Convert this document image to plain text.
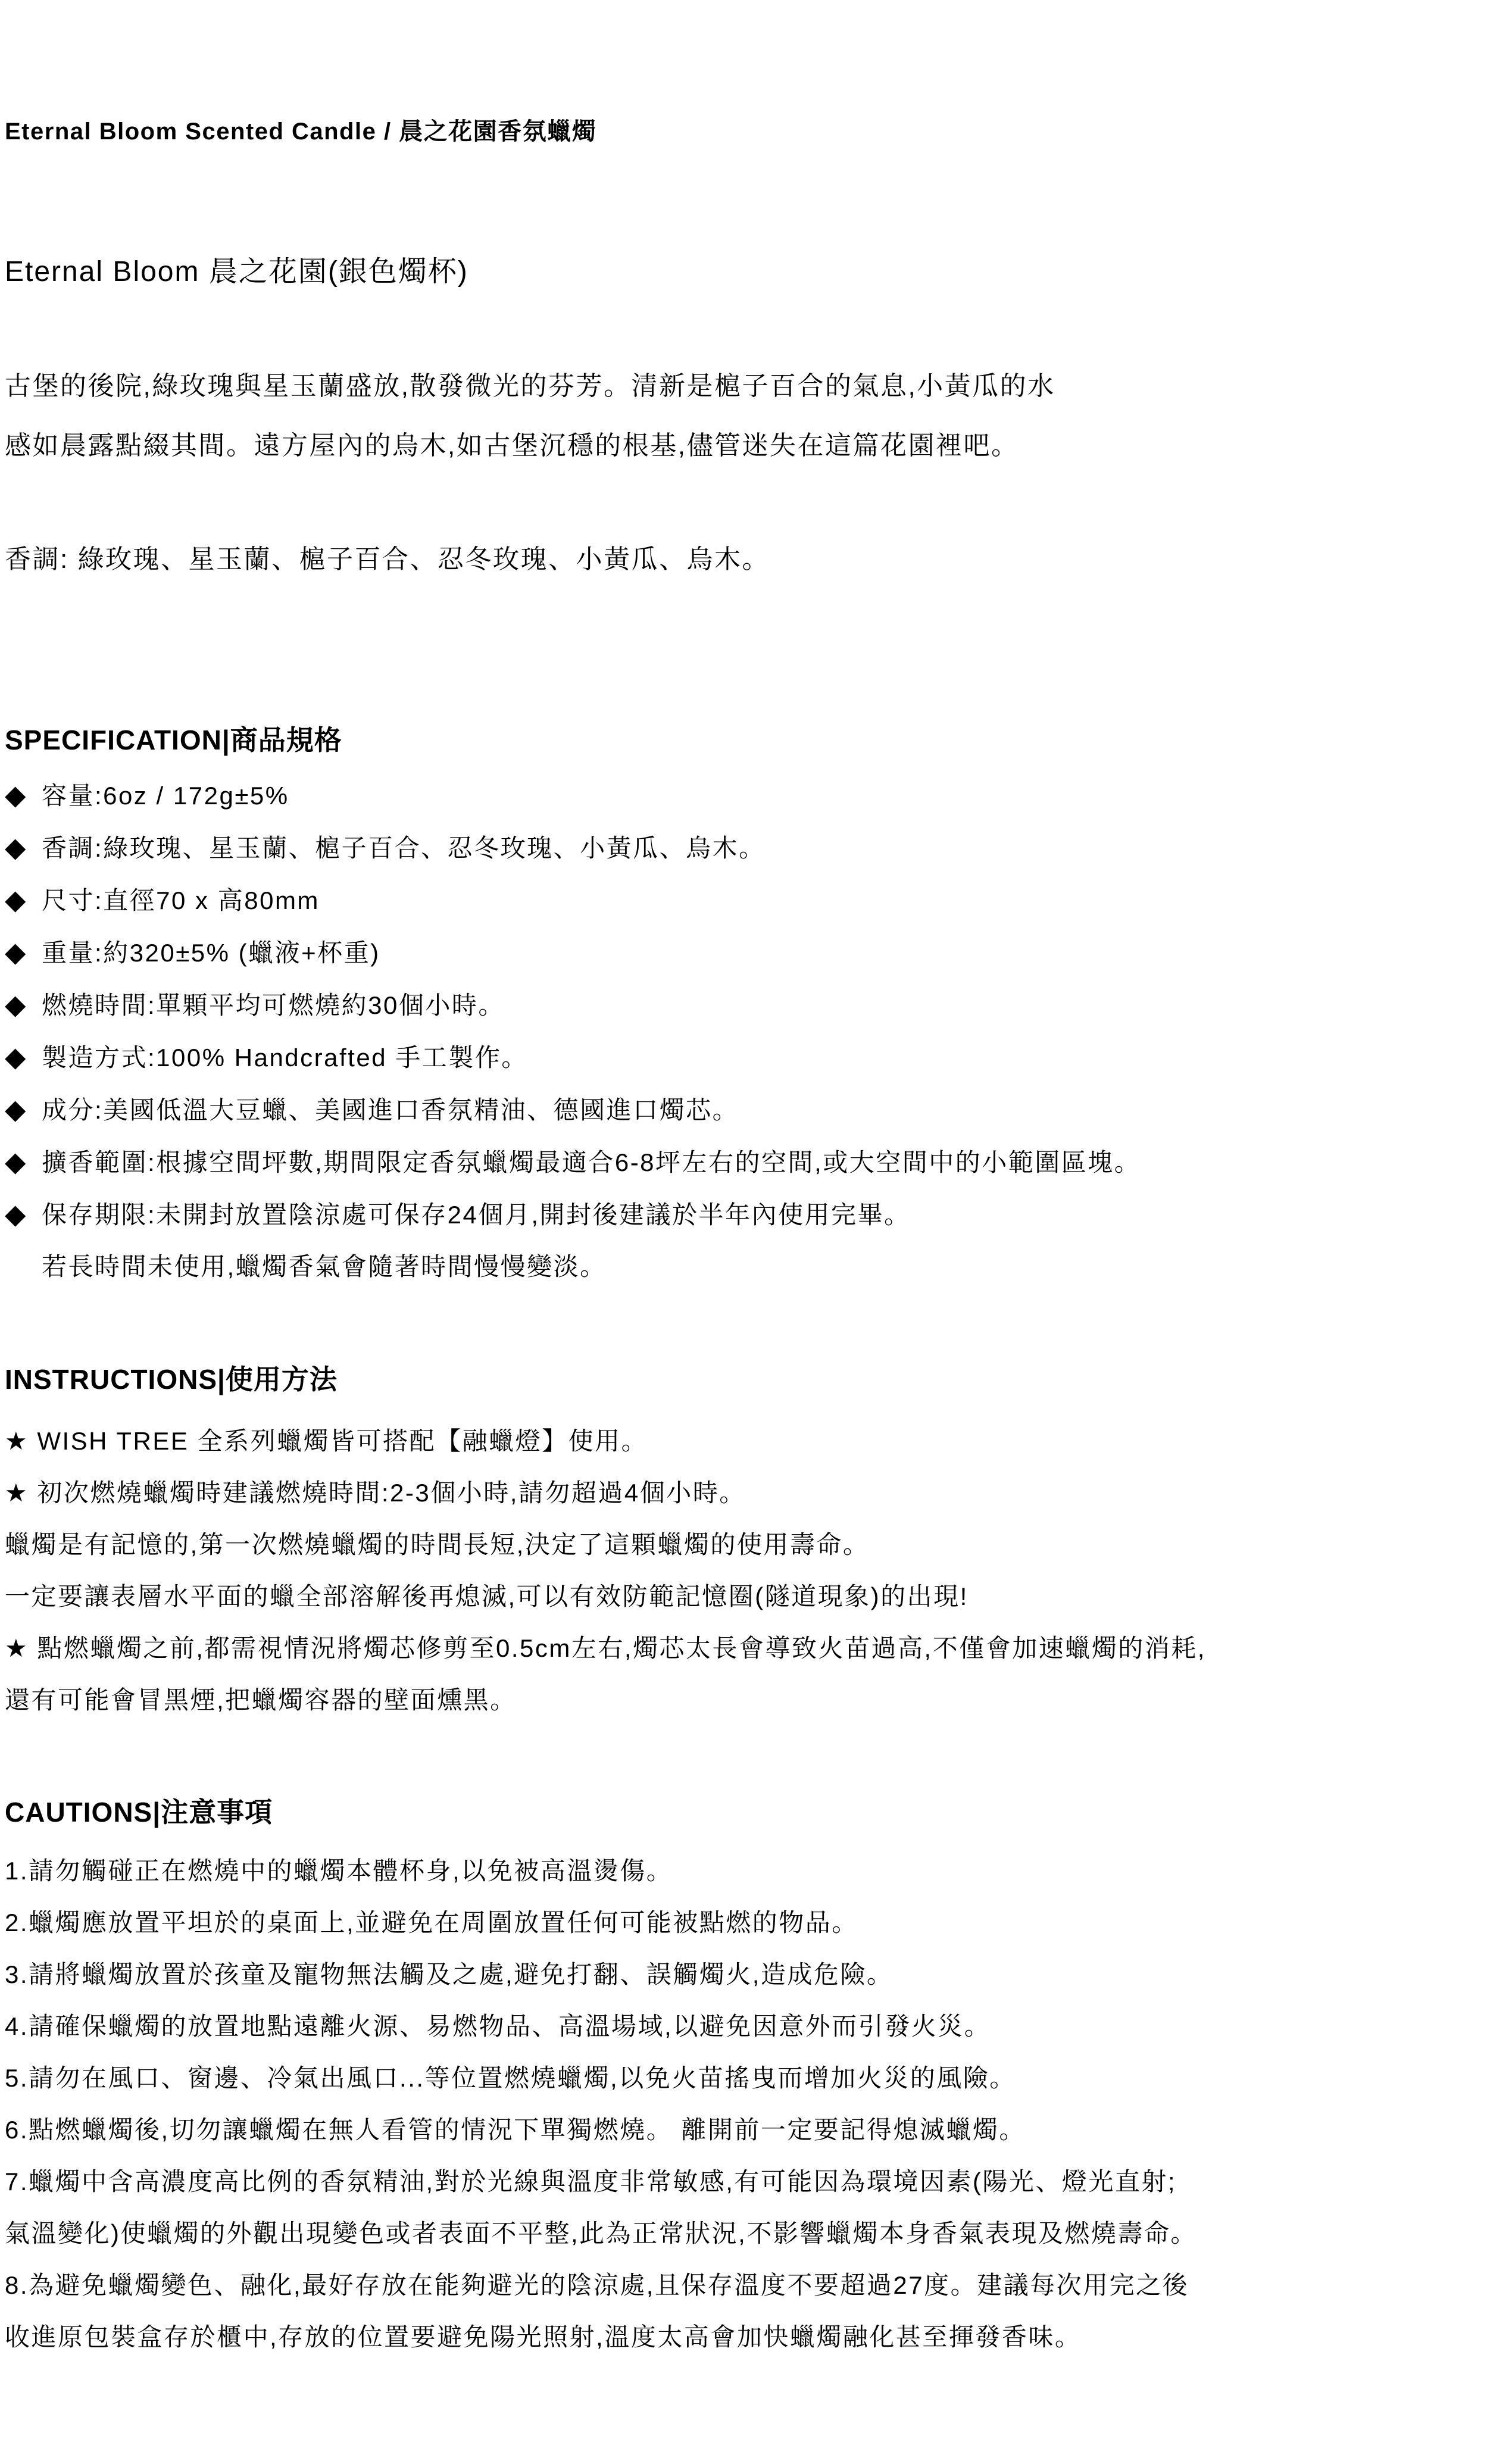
Eternal Bloom Scented Candle / 晨之花園香氛蠟燭
Eternal Bloom 晨之花園(銀色燭杯)
古堡的後院,綠玫瑰與星玉蘭盛放,散發微光的芬芳。清新是槴子百合的氣息,小黃瓜的水
感如晨露點綴其間。遠方屋內的烏木,如古堡沉穩的根基,儘管迷失在這篇花園裡吧。
香調: 綠玫瑰、星玉蘭、槴子百合、忍冬玫瑰、小黃瓜、烏木。
SPECIFICATION|商品規格
◆ 容量:6oz / 172g±5%
◆ 香調:綠玫瑰、星玉蘭、槴子百合、忍冬玫瑰、小黃瓜、烏木。
◆ 尺寸:直徑70 x 高80mm
◆ 重量:約320±5% (蠟液+杯重)
◆ 燃燒時間:單顆平均可燃燒約30個小時。
◆ 製造方式:100% Handcrafted 手工製作。
◆ 成分:美國低溫大豆蠟、美國進口香氛精油、德國進口燭芯。
◆ 擴香範圍:根據空間坪數,期間限定香氛蠟燭最適合6-8坪左右的空間,或大空間中的小範圍區塊。
◆ 保存期限:未開封放置陰涼處可保存24個月,開封後建議於半年內使用完畢。
若長時間未使用,蠟燭香氣會隨著時間慢慢變淡。
INSTRUCTIONS|使用方法
★ WISH TREE 全系列蠟燭皆可搭配【融蠟燈】使用。
★ 初次燃燒蠟燭時建議燃燒時間:2-3個小時,請勿超過4個小時。
蠟燭是有記憶的,第一次燃燒蠟燭的時間長短,決定了這顆蠟燭的使用壽命。
一定要讓表層水平面的蠟全部溶解後再熄滅,可以有效防範記憶圈(隧道現象)的出現!
★ 點燃蠟燭之前,都需視情況將燭芯修剪至0.5cm左右,燭芯太長會導致火苗過高,不僅會加速蠟燭的消耗,
還有可能會冒黑煙,把蠟燭容器的壁面燻黑。
CAUTIONS|注意事項
1.請勿觸碰正在燃燒中的蠟燭本體杯身,以免被高溫燙傷。
2.蠟燭應放置平坦於的桌面上,並避免在周圍放置任何可能被點燃的物品。
3.請將蠟燭放置於孩童及寵物無法觸及之處,避免打翻、誤觸燭火,造成危險。
4.請確保蠟燭的放置地點遠離火源、易燃物品、高溫場域,以避免因意外而引發火災。
5.請勿在風口、窗邊、冷氣出風口...等位置燃燒蠟燭,以免火苗搖曳而增加火災的風險。
6.點燃蠟燭後,切勿讓蠟燭在無人看管的情況下單獨燃燒。 離開前一定要記得熄滅蠟燭。
7.蠟燭中含高濃度高比例的香氛精油,對於光線與溫度非常敏感,有可能因為環境因素(陽光、燈光直射;
氣溫變化)使蠟燭的外觀出現變色或者表面不平整,此為正常狀況,不影響蠟燭本身香氣表現及燃燒壽命。
8.為避免蠟燭變色、融化,最好存放在能夠避光的陰涼處,且保存溫度不要超過27度。建議每次用完之後
收進原包裝盒存於櫃中,存放的位置要避免陽光照射,溫度太高會加快蠟燭融化甚至揮發香味。
